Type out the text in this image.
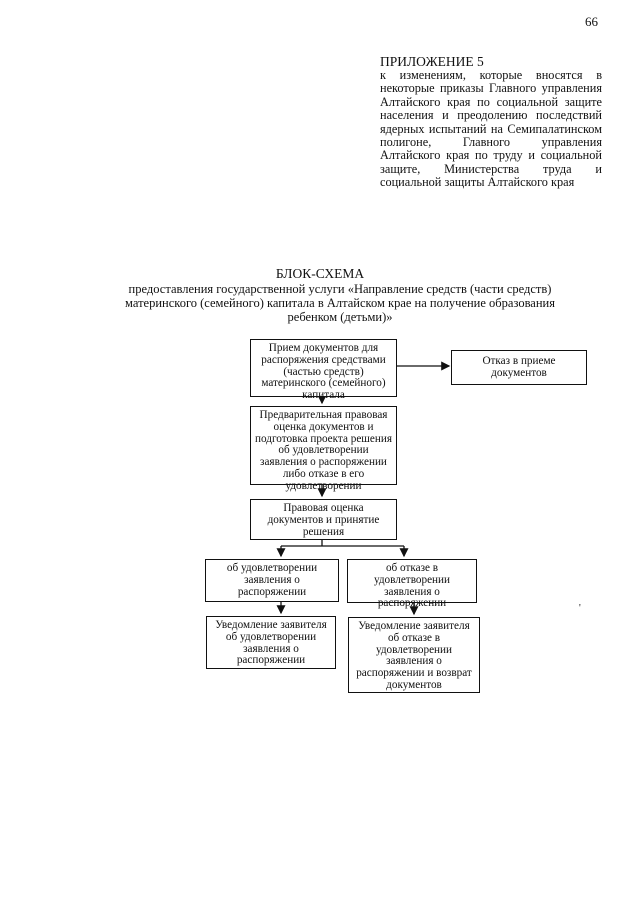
66
ПРИЛОЖЕНИЕ 5
к изменениям, которые вносятся в некоторые приказы Главного управления Алтайского края по социальной защите населения и преодолению последствий ядерных испытаний на Семипалатинском полигоне, Главного управления Алтайского края по труду и социальной защите, Министерства труда и социальной защиты Алтайского края
БЛОК-СХЕМА
предоставления государственной услуги «Направление средств (части средств) материнского (семейного) капитала в Алтайском крае на получение образования ребенком (детьми)»
Прием документов для распоряжения средствами (частью средств) материнского (семейного) капитала
Отказ в приеме документов
Предварительная правовая оценка документов и подготовка проекта решения об удовлетворении заявления о распоряжении либо отказе в его удовлетворении
Правовая оценка документов и принятие решения
об удовлетворении заявления о распоряжении
об отказе в удовлетворении заявления о распоряжении
Уведомление заявителя об удовлетворении заявления о распоряжении
Уведомление заявителя об отказе в удовлетворении заявления о распоряжении и возврат документов
'
